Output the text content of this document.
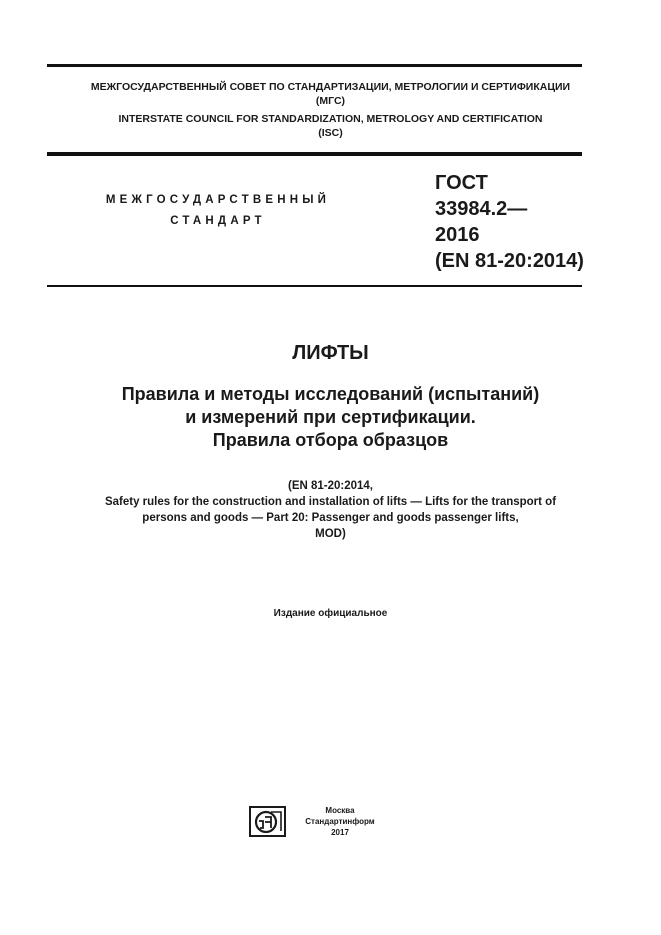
МЕЖГОСУДАРСТВЕННЫЙ СОВЕТ ПО СТАНДАРТИЗАЦИИ, МЕТРОЛОГИИ И СЕРТИФИКАЦИИ
(МГС)
INTERSTATE COUNCIL FOR STANDARDIZATION, METROLOGY AND CERTIFICATION
(ISC)
МЕЖГОСУДАРСТВЕННЫЙ
СТАНДАРТ
ГОСТ
33984.2—
2016
(EN 81-20:2014)
ЛИФТЫ
Правила и методы исследований (испытаний)
и измерений при сертификации.
Правила отбора образцов
(EN 81-20:2014,
Safety rules for the construction and installation of lifts — Lifts for the transport of
persons and goods — Part 20: Passenger and goods passenger lifts,
MOD)
Издание официальное
Москва
Стандартинформ
2017
